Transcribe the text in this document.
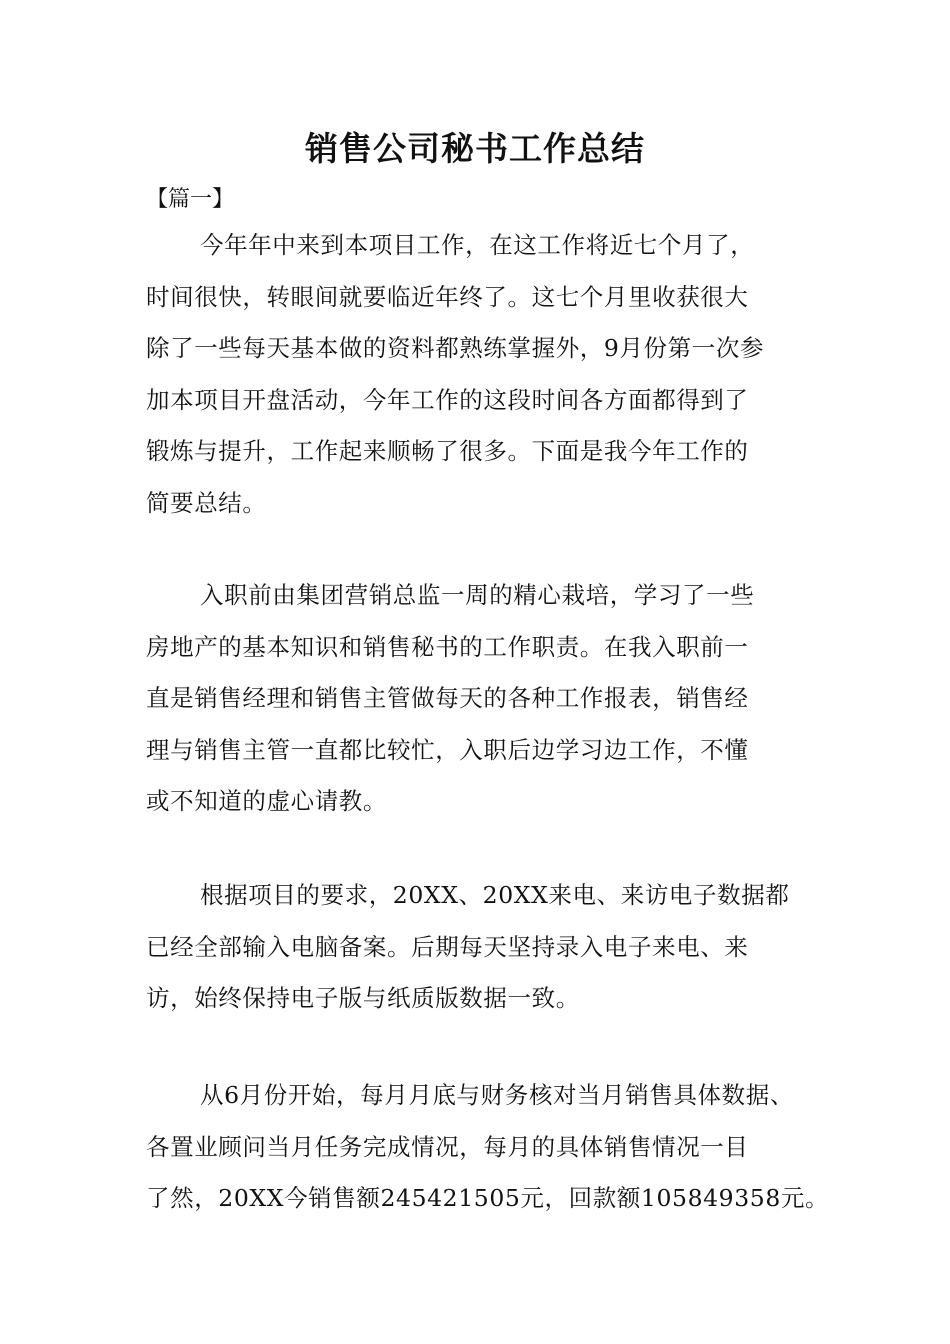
销售公司秘书工作总结
【篇一】

今年年中来到本项目工作，在这工作将近七个月了，
时间很快，转眼间就要临近年终了。这七个月里收获很大
除了一些每天基本做的资料都熟练掌握外，9月份第一次参
加本项目开盘活动，今年工作的这段时间各方面都得到了
锻炼与提升，工作起来顺畅了很多。下面是我今年工作的
简要总结。

入职前由集团营销总监一周的精心栽培，学习了一些
房地产的基本知识和销售秘书的工作职责。在我入职前一
直是销售经理和销售主管做每天的各种工作报表，销售经
理与销售主管一直都比较忙，入职后边学习边工作，不懂
或不知道的虚心请教。

根据项目的要求，20XX、20XX来电、来访电子数据都
已经全部输入电脑备案。后期每天坚持录入电子来电、来
访，始终保持电子版与纸质版数据一致。

从6月份开始，每月月底与财务核对当月销售具体数据、
各置业顾问当月任务完成情况，每月的具体销售情况一目
了然，20XX今销售额245421505元，回款额105849358元。
